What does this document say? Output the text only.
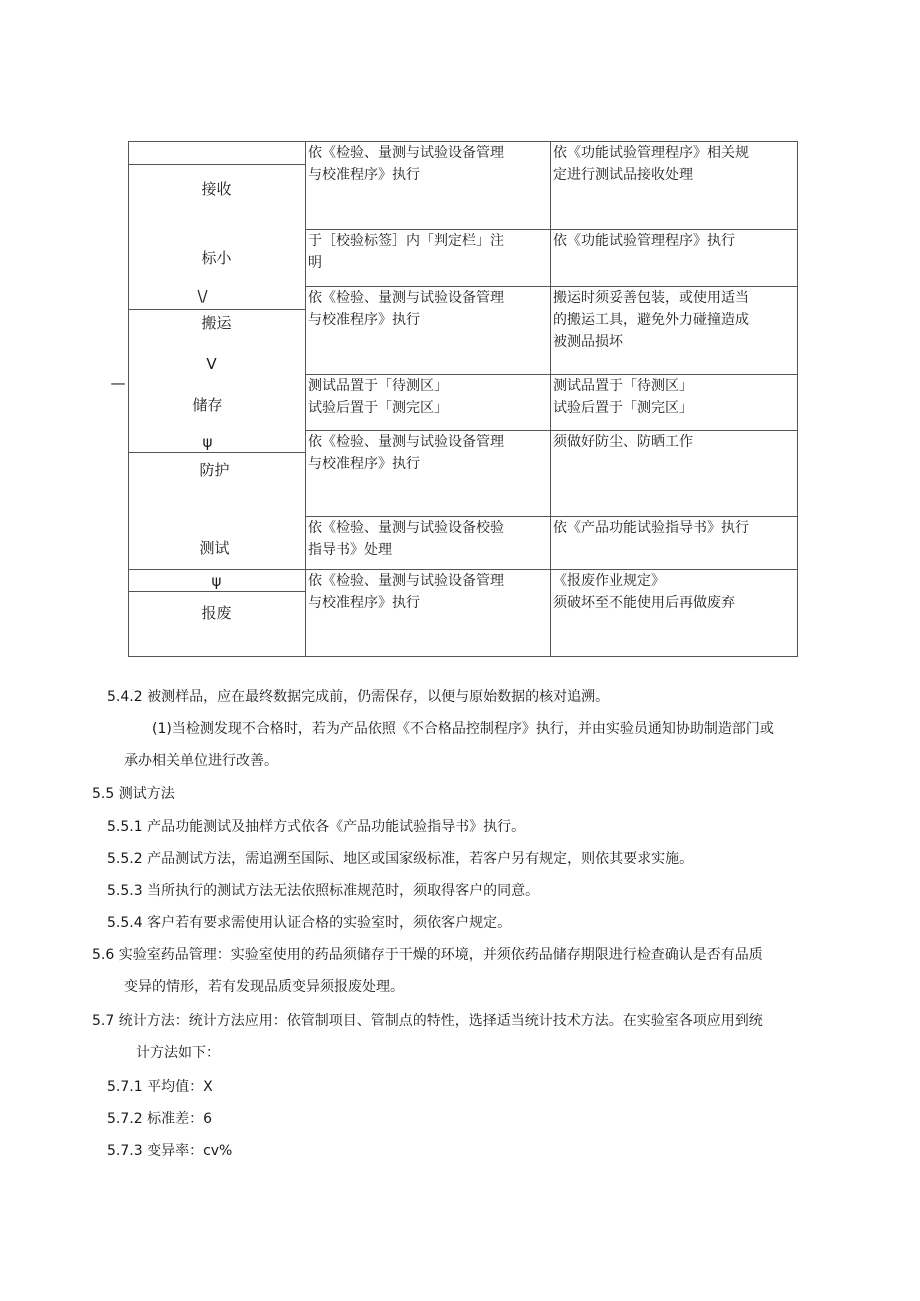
接收
标小
\/
搬运
V
—
储存
ψ
防护
测试
ψ
报废
依《检验、量测与试验设备管理
与校准程序》执行
于［校验标签］内「判定栏」注
明
依《检验、量测与试验设备管理
与校准程序》执行
测试品置于「待测区」
试验后置于「测完区」
依《检验、量测与试验设备管理
与校准程序》执行
依《检验、量测与试验设备校验
指导书》处理
依《检验、量测与试验设备管理
与校准程序》执行
依《功能试验管理程序》相关规
定进行测试品接收处理
依《功能试验管理程序》执行
搬运时须妥善包装，或使用适当
的搬运工具，避免外力碰撞造成
被测品损坏
测试品置于「待测区」
试验后置于「测完区」
须做好防尘、防晒工作
依《产品功能试验指导书》执行
《报废作业规定》
须破坏至不能使用后再做废弃
5.4.2 被测样品，应在最终数据完成前，仍需保存，以便与原始数据的核对追溯。
(1)当检测发现不合格时，若为产品依照《不合格品控制程序》执行，并由实验员通知协助制造部门或
承办相关单位进行改善。
5.5 测试方法
5.5.1 产品功能测试及抽样方式依各《产品功能试验指导书》执行。
5.5.2 产品测试方法，需追溯至国际、地区或国家级标准，若客户另有规定，则依其要求实施。
5.5.3 当所执行的测试方法无法依照标准规范时，须取得客户的同意。
5.5.4 客户若有要求需使用认证合格的实验室时，须依客户规定。
5.6 实验室药品管理：实验室使用的药品须储存于干燥的环境，并须依药品储存期限进行检查确认是否有品质
变异的情形，若有发现品质变异须报废处理。
5.7 统计方法：统计方法应用：依管制项目、管制点的特性，选择适当统计技术方法。在实验室各项应用到统
计方法如下：
5.7.1 平均值：X
5.7.2 标准差：6
5.7.3 变异率：cv%
